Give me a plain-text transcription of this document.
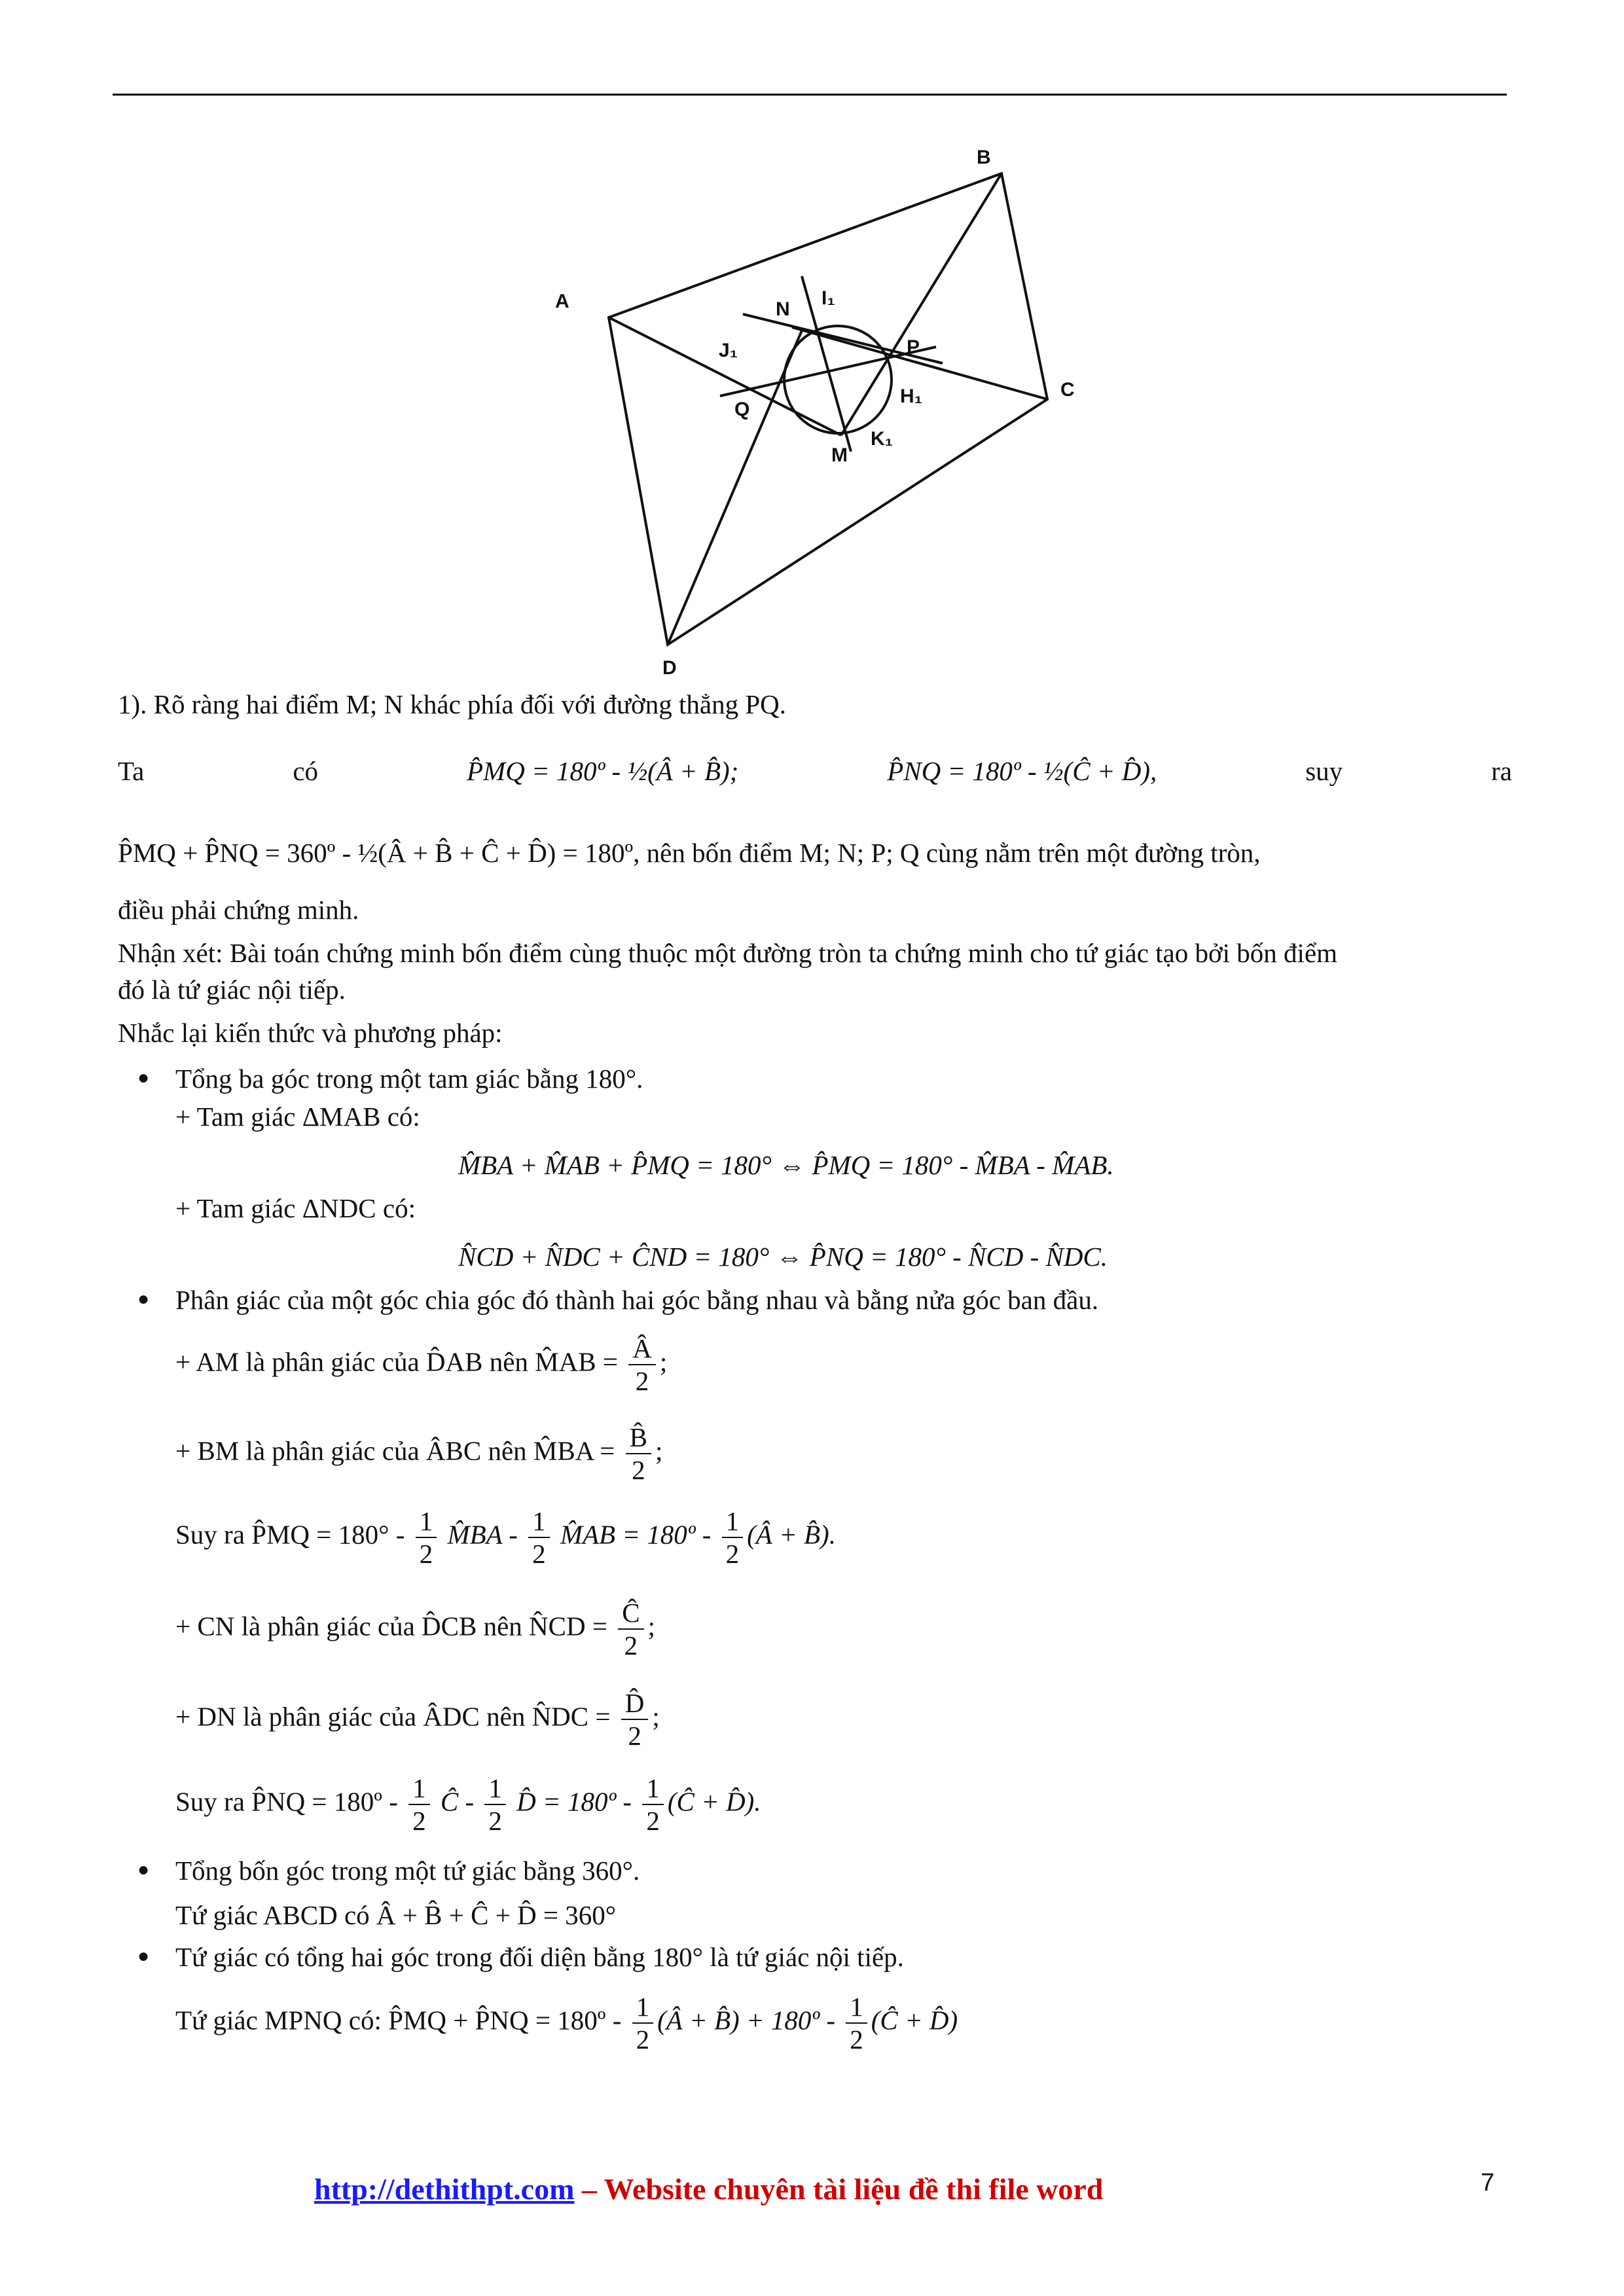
A
B
C
D
N
I₁
J₁	P
Q
H₁
M
K₁
1). Rõ ràng hai điểm M; N khác phía đối với đường thẳng PQ.
Ta	có	P̂MQ = 180º - ½(Â + B̂);	P̂NQ = 180º - ½(Ĉ + D̂),	suy	ra
P̂MQ + P̂NQ = 360º - ½(Â + B̂ + Ĉ + D̂) = 180º, nên bốn điểm M; N; P; Q cùng nằm trên một đường tròn,
điều phải chứng minh.
Nhận xét: Bài toán chứng minh bốn điểm cùng thuộc một đường tròn ta chứng minh cho tứ giác tạo bởi bốn điểm
đó là tứ giác nội tiếp.
Nhắc lại kiến thức và phương pháp:
● Tổng ba góc trong một tam giác bằng 180°.
+ Tam giác ΔMAB có:
M̂BA + M̂AB + P̂MQ = 180° ⇔ P̂MQ = 180° - M̂BA - M̂AB.
+ Tam giác ΔNDC có:
N̂CD + N̂DC + ĈND = 180° ⇔ P̂NQ = 180° - N̂CD - N̂DC.
● Phân giác của một góc chia góc đó thành hai góc bằng nhau và bằng nửa góc ban đầu.
+ AM là phân giác của D̂AB nên M̂AB = $\frac{Â}{2}$ ;
+ BM là phân giác của ÂBC nên M̂BA = $\frac{B̂}{2}$ ;
Suy ra P̂MQ = $180^\circ - \frac{1}{2}$ M̂BA - $\frac{1}{2}$ M̂AB = 180º - $\frac{1}{2}$ (Â + B̂).
+ CN là phân giác của D̂CB nên N̂CD = $\frac{Ĉ}{2}$ ;
+ DN là phân giác của ÂDC nên N̂DC = $\frac{D̂}{2}$ ;
Suy ra P̂NQ = 180º - $\frac{1}{2}$ Ĉ - $\frac{1}{2}$ D̂ = 180º - $\frac{1}{2}$ (Ĉ + D̂).
● Tổng bốn góc trong một tứ giác bằng 360°.
Tứ giác ABCD có Â + B̂ + Ĉ + D̂ = 360°
● Tứ giác có tổng hai góc trong đối diện bằng 180° là tứ giác nội tiếp.
Tứ giác MPNQ có: P̂MQ + P̂NQ = 180º - $\frac{1}{2}$ (Â + B̂) + 180º - $\frac{1}{2}$ (Ĉ + D̂)
http://dethithpt.com – Website chuyên tài liệu đề thi file word	7
